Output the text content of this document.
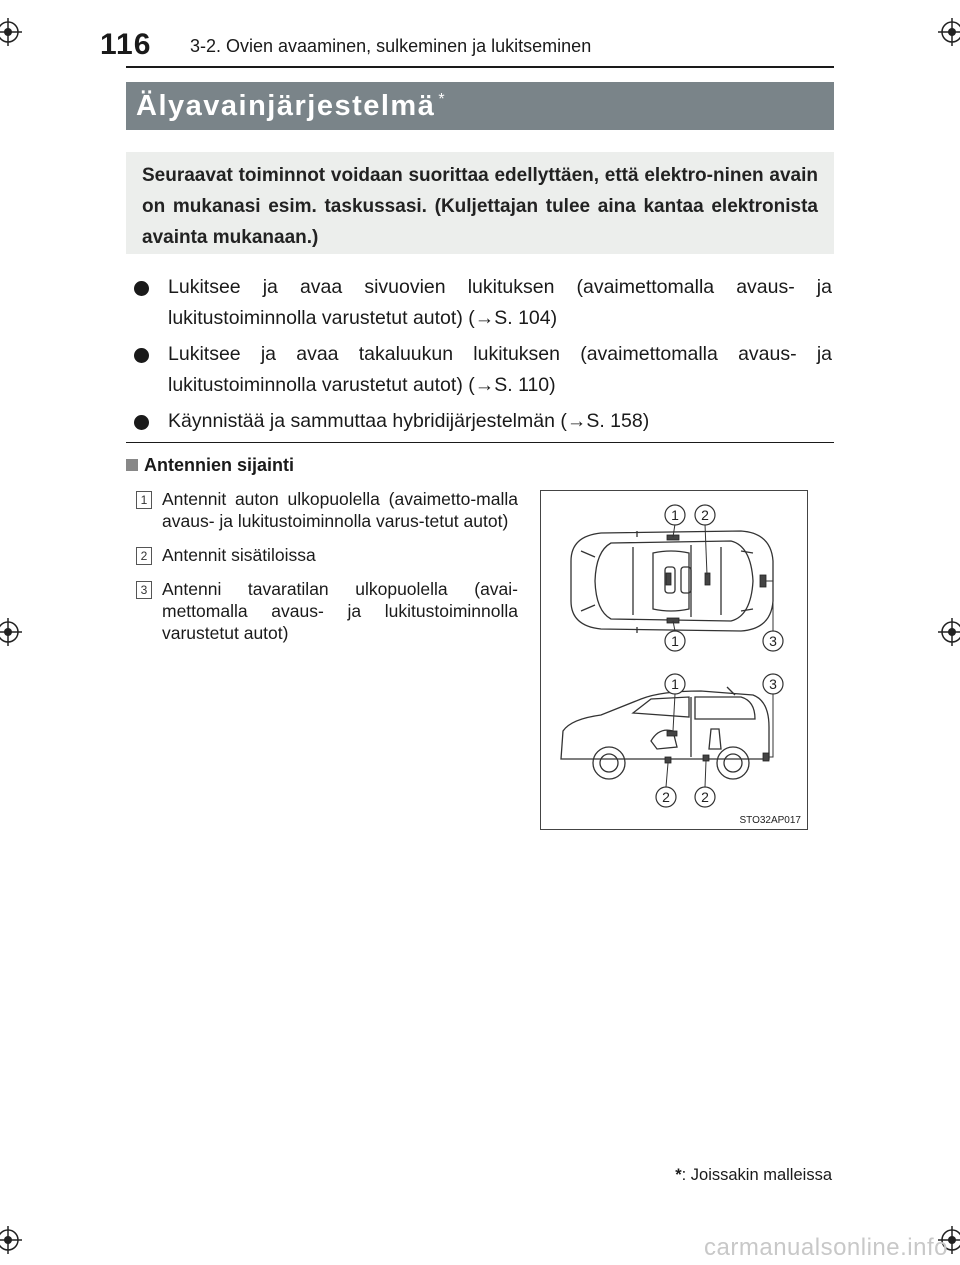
116 3-2. Ovien avaaminen, sulkeminen ja lukitseminen
Älyavainjärjestelmä *
Seuraavat toiminnot voidaan suorittaa edellyttäen, että elektro-ninen avain on mukanasi esim. taskussasi. (Kuljettajan tulee aina kantaa elektronista avainta mukanaan.)
Lukitsee ja avaa sivuovien lukituksen (avaimettomalla avaus- ja lukitustoiminnolla varustetut autot) (→S. 104)
Lukitsee ja avaa takaluukun lukituksen (avaimettomalla avaus- ja lukitustoiminnolla varustetut autot) (→S. 110)
Käynnistää ja sammuttaa hybridijärjestelmän (→S. 158)
Antennien sijainti
1 Antennit auton ulkopuolella (avaimetto-malla avaus- ja lukitustoiminnolla varus-tetut autot)
2 Antennit sisätiloissa
3 Antenni tavaratilan ulkopuolella (avai-mettomalla avaus- ja lukitustoiminnolla varustetut autot)
1 2
1	3
1	3
2 2
STO32AP017
*: Joissakin malleissa
carmanualsonline.info
